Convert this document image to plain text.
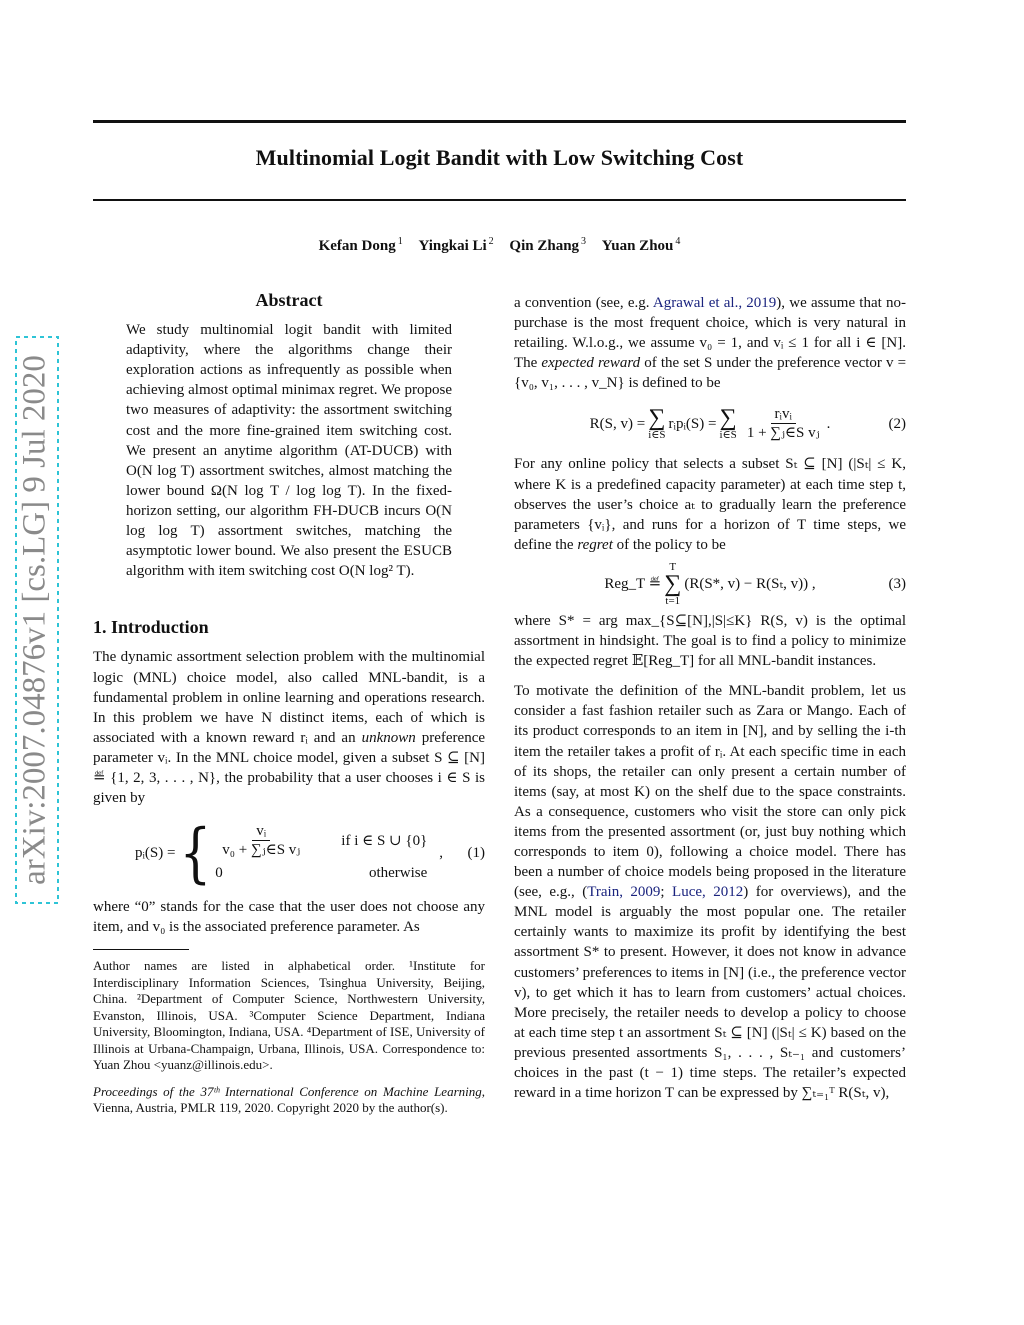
arXiv:2007.04876v1 [cs.LG] 9 Jul 2020
Multinomial Logit Bandit with Low Switching Cost
Kefan Dong $^1$ Yingkai Li $^2$ Qin Zhang $^3$ Yuan Zhou $^4$
Abstract

We study multinomial logit bandit with limited adaptivity, where the algorithms change their exploration actions as infrequently as possible when achieving almost optimal minimax regret. We propose two measures of adaptivity: the assortment switching cost and the more fine-grained item switching cost. We present an anytime algorithm (AT-DUCB) with O(N log T) assortment switches, almost matching the lower bound Ω(N log T / log log T). In the fixed-horizon setting, our algorithm FH-DUCB incurs O(N log log T) assortment switches, matching the asymptotic lower bound. We also present the ESUCB algorithm with item switching cost O(N log² T).

1. Introduction

The dynamic assortment selection problem with the multinomial logic (MNL) choice model, also called MNL-bandit, is a fundamental problem in online learning and operations research. In this problem we have N distinct items, each of which is associated with a known reward rᵢ and an unknown preference parameter vᵢ. In the MNL choice model, given a subset S ⊆ [N] ≝ {1, 2, 3, . . . , N}, the probability that a user chooses i ∈ S is given by

pᵢ(S) = { $\frac{\text{vᵢ}}{\text{v₀ + ∑ⱼ∈S vⱼ}}$ if i ∈ S ∪ {0}
0	otherwise
, (1)

where “0” stands for the case that the user does not choose any item, and v₀ is the associated preference parameter. As

Author names are listed in alphabetical order. ¹Institute for Interdisciplinary Information Sciences, Tsinghua University, Beijing, China. ²Department of Computer Science, Northwestern University, Evanston, Illinois, USA. ³Computer Science Department, Indiana University, Bloomington, Indiana, USA. ⁴Department of ISE, University of Illinois at Urbana-Champaign, Urbana, Illinois, USA. Correspondence to: Yuan Zhou <yuanz@illinois.edu>.

Proceedings of the 37ᵗʰ International Conference on Machine Learning, Vienna, Austria, PMLR 119, 2020. Copyright 2020 by the author(s).

a convention (see, e.g. Agrawal et al., 2019), we assume that no-purchase is the most frequent choice, which is very natural in retailing. W.l.o.g., we assume v₀ = 1, and vᵢ ≤ 1 for all i ∈ [N]. The expected reward of the set S under the preference vector v = {v₀, v₁, . . . , v_N} is defined to be

R(S, v) = ∑
i∈S
rᵢpᵢ(S) = ∑
i∈S $\frac{\text{rᵢvᵢ}}{\text{1 + ∑ⱼ∈S vⱼ}}$ .	(2)

For any online policy that selects a subset Sₜ ⊆ [N] (|Sₜ| ≤ K, where K is a predefined capacity parameter) at each time step t, observes the user’s choice aₜ to gradually learn the preference parameters {vᵢ}, and runs for a horizon of T time steps, we define the regret of the policy to be

Reg_T ≝
T
∑
t=1
(R(S*, v) − R(Sₜ, v)) ,	(3)

where S* = arg max_{S⊆[N],|S|≤K} R(S, v) is the optimal assortment in hindsight. The goal is to find a policy to minimize the expected regret 𝔼[Reg_T] for all MNL-bandit instances.

To motivate the definition of the MNL-bandit problem, let us consider a fast fashion retailer such as Zara or Mango. Each of its product corresponds to an item in [N], and by selling the i-th item the retailer takes a profit of rᵢ. At each specific time in each of its shops, the retailer can only present a certain number of items (say, at most K) on the shelf due to the space constraints. As a consequence, customers who visit the store can only pick items from the presented assortment (or, just buy nothing which corresponds to item 0), following a choice model. There has been a number of choice models being proposed in the literature (see, e.g., (Train, 2009; Luce, 2012) for overviews), and the MNL model is arguably the most popular one. The retailer certainly wants to maximize its profit by identifying the best assortment S* to present. However, it does not know in advance customers’ preferences to items in [N] (i.e., the preference vector v), to get which it has to learn from customers’ actual choices. More precisely, the retailer needs to develop a policy to choose at each time step t an assortment Sₜ ⊆ [N] (|Sₜ| ≤ K) based on the previous presented assortments S₁, . . . , Sₜ₋₁ and customers’ choices in the past (t − 1) time steps. The retailer’s expected reward in a time horizon T can be expressed by ∑ₜ₌₁ᵀ R(Sₜ, v),
